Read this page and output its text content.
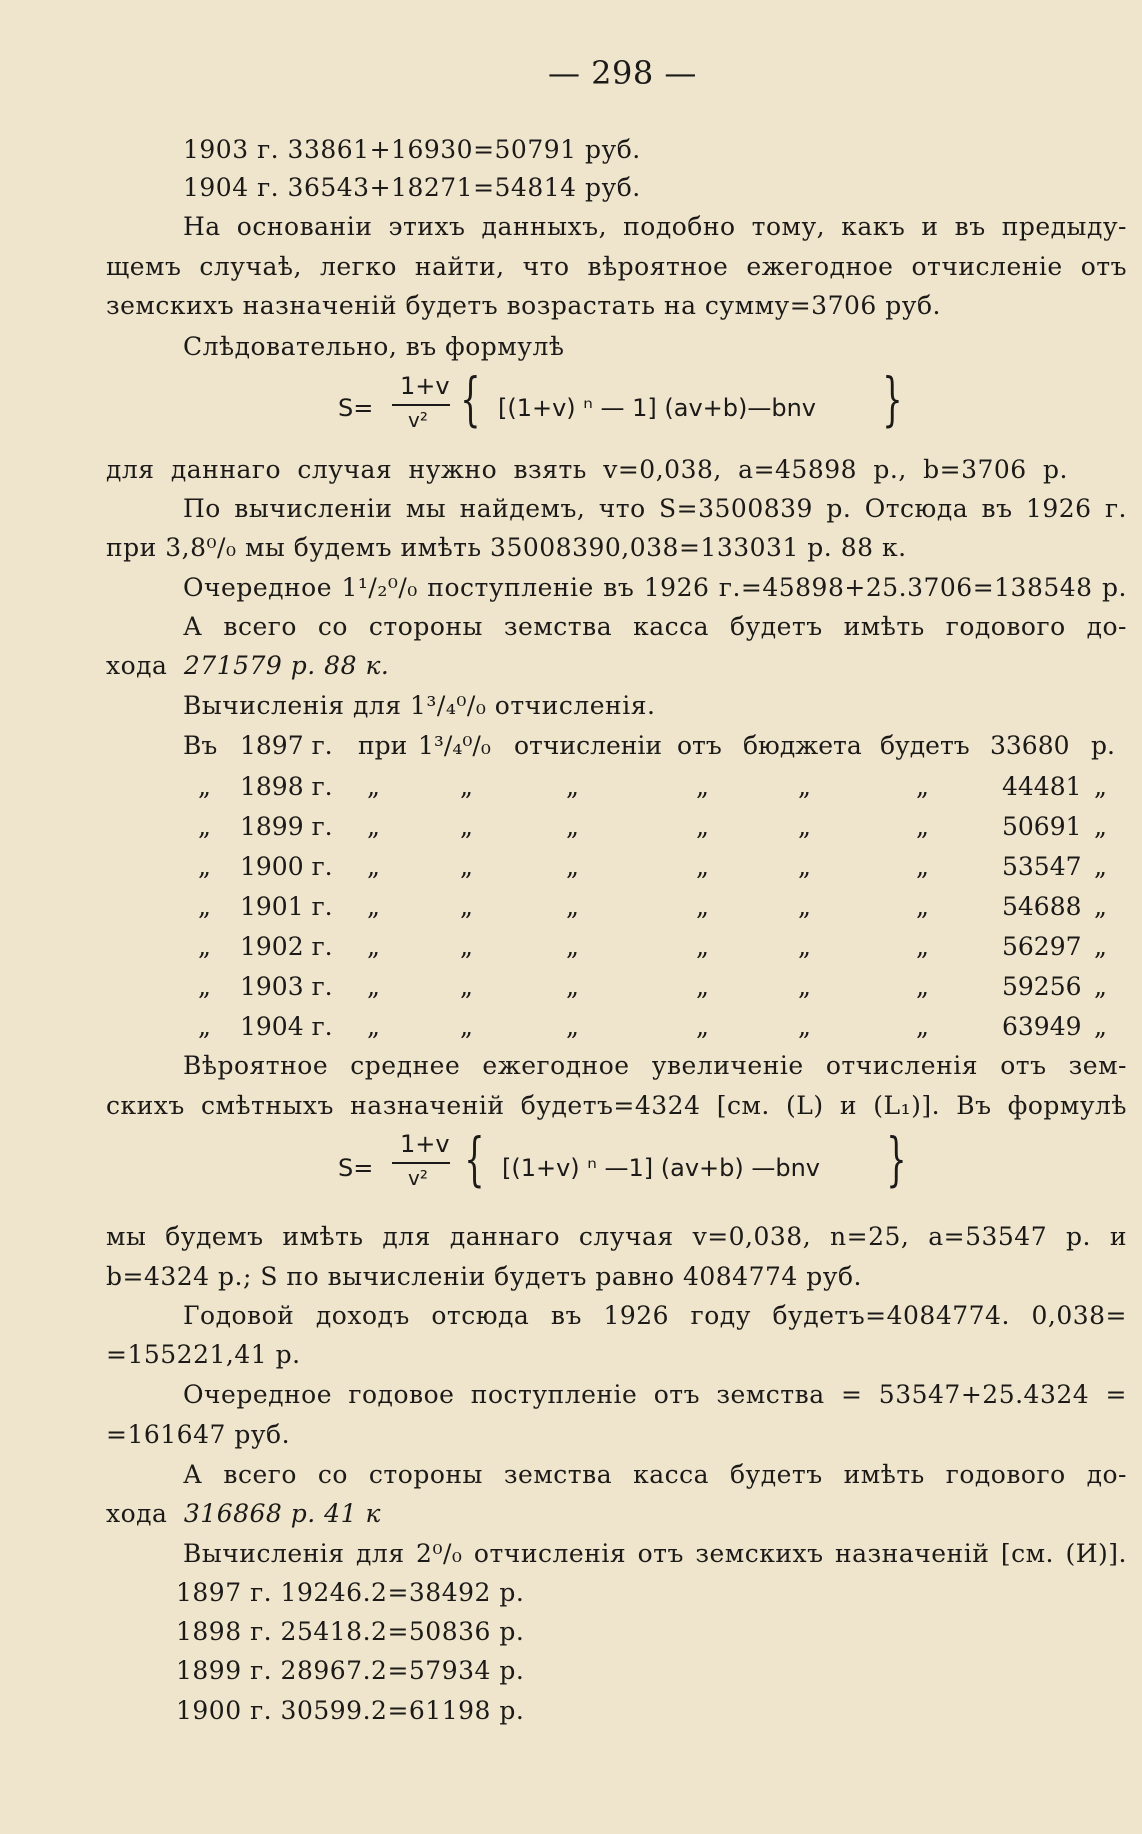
— 298 —
1903 г. 33861+16930=50791 руб.
1904 г. 36543+18271=54814 руб.
На основанiи этихъ данныхъ, подобно тому, какъ и въ предыду-
щемъ случаѣ, легко найти, что вѣроятное ежегодное отчисленiе отъ
земскихъ назначенiй будетъ возрастать на сумму=3706 руб.
Слѣдовательно, въ формулѣ
S=
1+v
v² { [(1+v) ⁿ — 1] (av+b)—bnv }
для даннаго случая нужно взять v=0,038, a=45898 р., b=3706 р.
По вычисленiи мы найдемъ, что S=3500839 р. Отсюда въ 1926 г.
при 3,8⁰/₀ мы будемъ имѣть 35008390,038=133031 р. 88 к.
Очередное 1¹/₂⁰/₀ поступленiе въ 1926 г.=45898+25.3706=138548 р.
А всего со стороны земства касса будетъ имѣть годового до-
хода 271579 р. 88 к.
Вычисленiя для 1³/₄⁰/₀ отчисленiя.
Въ 1897 г. при 1³/₄⁰/₀ отчисленiи отъ бюджета будетъ 33680 р.
„ 1898 г. „	„	„	„	„	„	44481 „
„ 1899 г. „	„	„	„	„	„	50691 „
„ 1900 г. „	„	„	„	„	„	53547 „
„ 1901 г. „	„	„	„	„	„	54688 „
„ 1902 г. „	„	„	„	„	„	56297 „
„ 1903 г. „	„	„	„	„	„	59256 „
„ 1904 г. „	„	„	„	„	„	63949 „
Вѣроятное среднее ежегодное увеличенiе отчисленiя отъ зем-
скихъ смѣтныхъ назначенiй будетъ=4324 [см. (L) и (L₁)]. Въ формулѣ
S=
1+v
v² { [(1+v) ⁿ —1] (av+b) —bnv }
мы будемъ имѣть для даннаго случая v=0,038, n=25, a=53547 р. и
b=4324 р.; S по вычисленiи будетъ равно 4084774 руб.
Годовой доходъ отсюда въ 1926 году будетъ=4084774. 0,038=
=155221,41 р.
Очередное годовое поступленiе отъ земства = 53547+25.4324 =
=161647 руб.
А всего со стороны земства касса будетъ имѣть годового до-
хода 316868 р. 41 к
Вычисленiя для 2⁰/₀ отчисленiя отъ земскихъ назначенiй [см. (И)].
1897 г. 19246.2=38492 р.
1898 г. 25418.2=50836 р.
1899 г. 28967.2=57934 р.
1900 г. 30599.2=61198 р.
